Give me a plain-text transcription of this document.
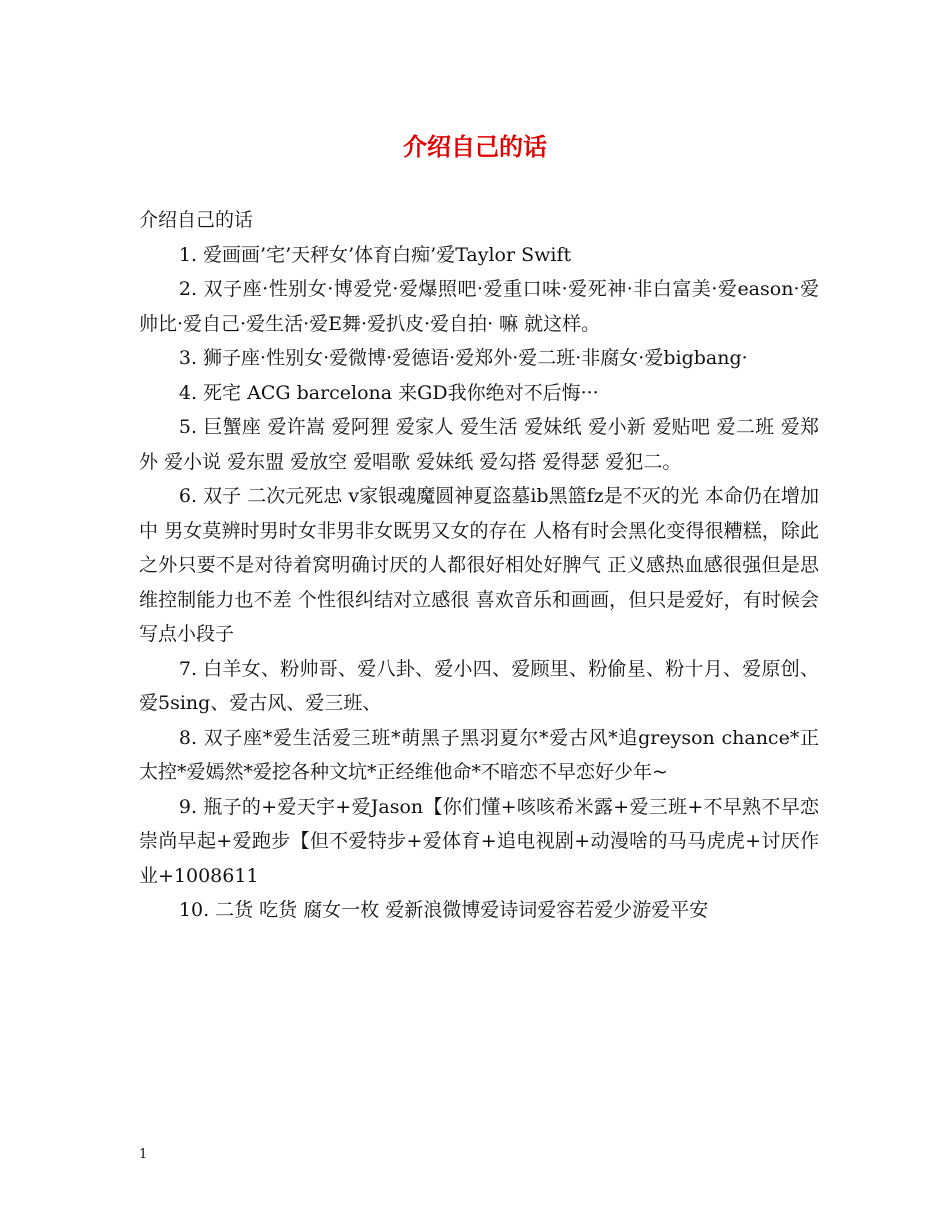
介绍自己的话

介绍自己的话

1. 爱画画’宅’天秤女’体育白痴’爱Taylor Swift

2. 双子座·性别女·博爱党·爱爆照吧·爱重口味·爱死神·非白富美·爱eason·爱帅比·爱自己·爱生活·爱E舞·爱扒皮·爱自拍· 嘛 就这样。

3. 狮子座·性别女·爱微博·爱德语·爱郑外·爱二班·非腐女·爱bigbang·

4. 死宅 ACG barcelona 来GD我你绝对不后悔···

5. 巨蟹座 爱许嵩 爱阿狸 爱家人 爱生活 爱妹纸 爱小新 爱贴吧 爱二班 爱郑外 爱小说 爱东盟 爱放空 爱唱歌 爱妹纸 爱勾搭 爱得瑟 爱犯二。

6. 双子 二次元死忠 v家银魂魔圆神夏盗墓ib黑篮fz是不灭的光 本命仍在增加中 男女莫辨时男时女非男非女既男又女的存在 人格有时会黑化变得很糟糕，除此之外只要不是对待着窝明确讨厌的人都很好相处好脾气 正义感热血感很强但是思维控制能力也不差 个性很纠结对立感很 喜欢音乐和画画，但只是爱好，有时候会写点小段子

7. 白羊女、粉帅哥、爱八卦、爱小四、爱顾里、粉偷星、粉十月、爱原创、爱5sing、爱古风、爱三班、

8. 双子座*爱生活爱三班*萌黑子黑羽夏尔*爱古风*追greyson chance*正太控*爱嫣然*爱挖各种文坑*正经维他命*不暗恋不早恋好少年~

9. 瓶子的+爱天宇+爱Jason【你们懂+咳咳希米露+爱三班+不早熟不早恋崇尚早起+爱跑步【但不爱特步+爱体育+追电视剧+动漫啥的马马虎虎+讨厌作业+1008611

10. 二货 吃货 腐女一枚 爱新浪微博爱诗词爱容若爱少游爱平安

1
